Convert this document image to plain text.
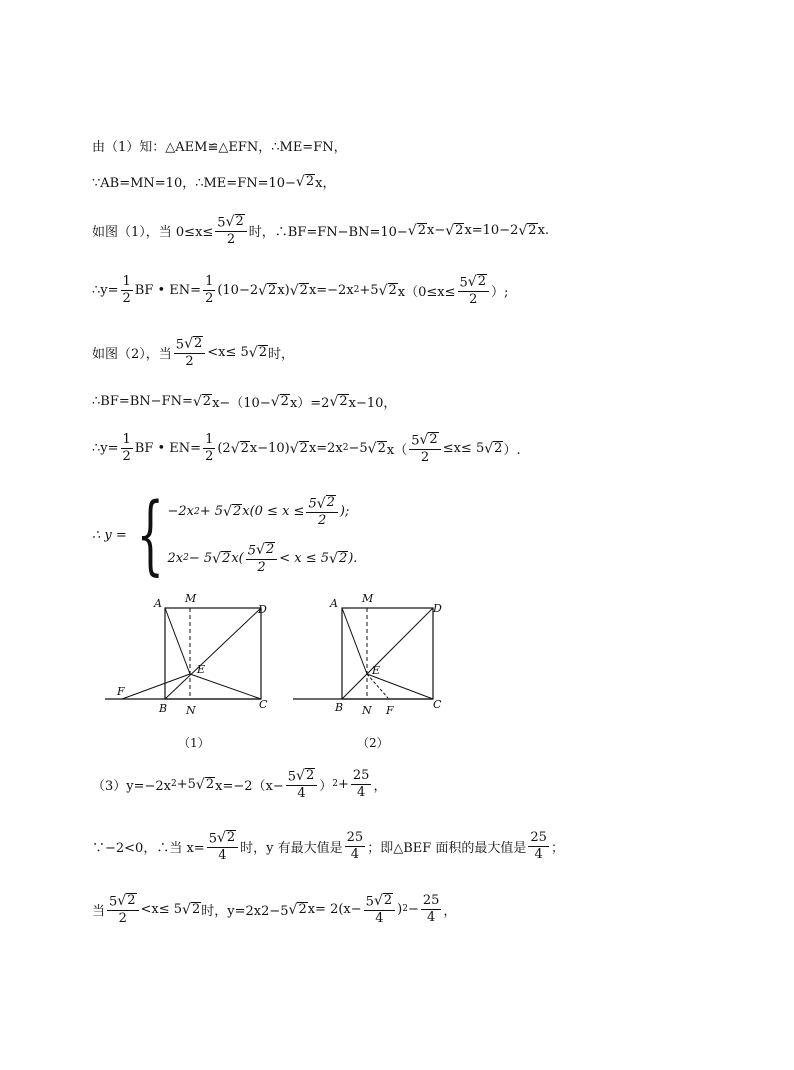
由（1）知：△AEM≌△EFN，∴ME=FN，
∵AB=MN=10，∴ME=FN=10− √ 2 x，
如图（1），当 $0\le x\le \frac{5 √ 2}{2}$ 时，∴BF=FN−BN=10− √ 2 x− √ 2 x=10−2 √ 2 x.
∴y= $\frac{1}{2}$ BF • $EN= \frac{1}{2} (10-2$ √ 2 x) √ 2 x=−2x 2 +5 √ 2 $x(0\le x\le \frac{5 √ 2}{2}$ ）;
如图（2），当 $\frac{5 √ 2}{2} <x\le 5$ √ 2 时，
∴BF=BN−FN= √ 2 x−（10− √ 2 x）=2 √ 2 x−10，
∴y= $\frac{1}{2}$ BF • $EN= \frac{1}{2} (2$ √ 2 x−10) √ 2 x=2x 2 −5 √ 2 $x( \frac{5 √ 2}{2} \le x\le 5$ √ 2 ）.
∴ y = { −2x 2 + 5 √ 2 $x(0 \le x \le \frac{5 √ 2}{2}$ );
2x 2 − 5 √ 2 $x( \frac{5 √ 2}{2} < x \le 5$ √ 2 ).
A M
D
E
F
B N	C
（1）
A M
D
E
B N F	C
（2）
（3）y=−2x 2 +5 √ 2 $x=-2(x- \frac{5 √ 2}{4}$ ） $2 + \frac{25}{4}$ ，
∵−2<0，∴当 $x= \frac{5 √ 2}{4}$ 时，y 有最大值是 $\frac{25}{4}$ ；即△BEF 面积的最大值是 $\frac{25}{4}$ ；
当 $\frac{5 √ 2}{2} <x\le 5$ √ 2 时，y=2x2−5 √ 2 $x= 2(x- \frac{5 √ 2}{4}$ ) $2 - \frac{25}{4}$ ，
